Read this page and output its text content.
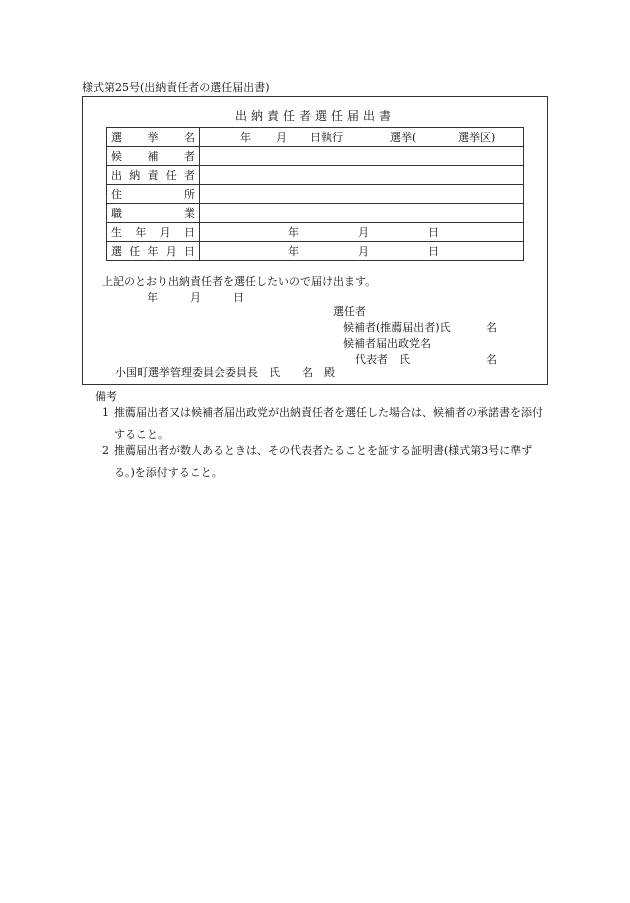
様式第25号(出納責任者の選任届出書)
出納責任者選任届出書
選 挙 名	年 月 日執行 選挙( 選挙区)

候 補 者	

出 納 責 任 者	

住 所	

職 業	

生 年 月 日	年 月 日

選 任 年 月 日	年 月 日
上記のとおり出納責任者を選任したいので届け出ます。
年	月	日
選任者
候補者(推薦届出者)氏	名
候補者届出政党名
代表者　氏	名
小国町選挙管理委員会委員長　氏　　名　殿
備考
1 推薦届出者又は候補者届出政党が出納責任者を選任した場合は、候補者の承諾書を添付すること。
2 推薦届出者が数人あるときは、その代表者たることを証する証明書(様式第3号に準ずる。)を添付すること。
